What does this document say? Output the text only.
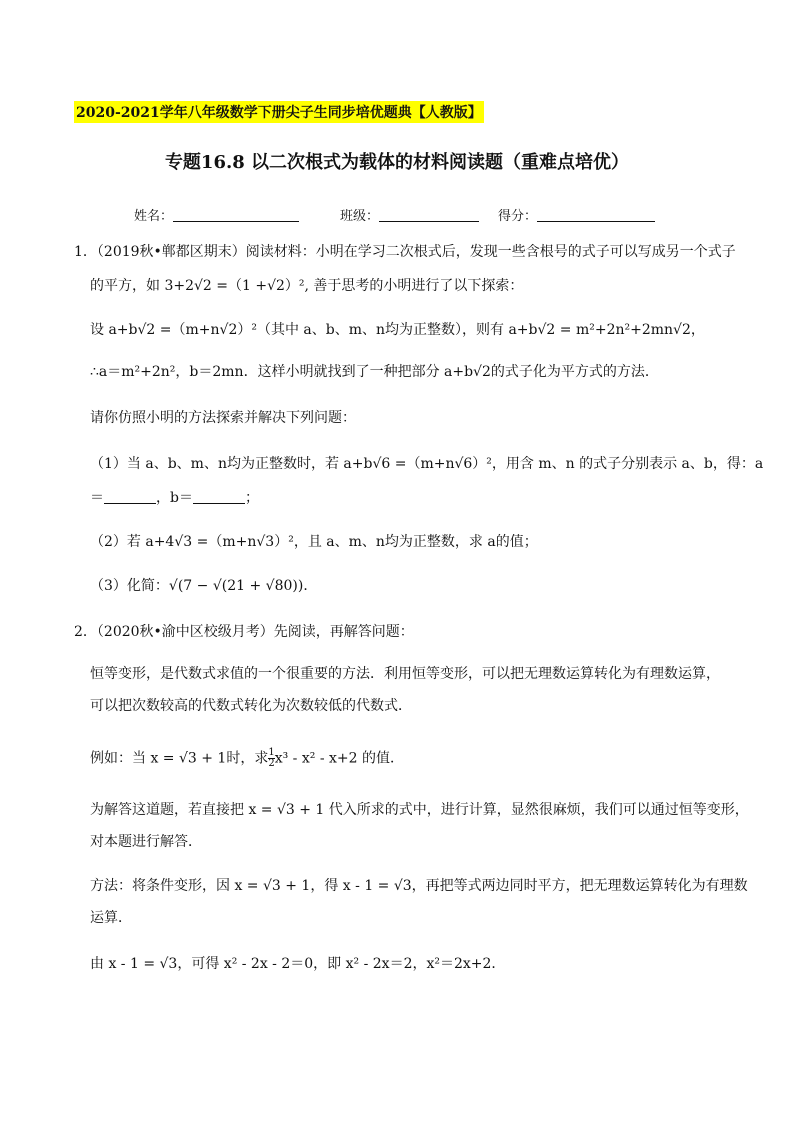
2020-2021学年八年级数学下册尖子生同步培优题典【人教版】
专题16.8 以二次根式为载体的材料阅读题（重难点培优）
姓名：	班级：	得分：
1．（2019秋•郸都区期末）阅读材料：小明在学习二次根式后，发现一些含根号的式子可以写成另一个式子
的平方，如 3+2√2 =（1 +√2）², 善于思考的小明进行了以下探索：
设 a+b√2 =（m+n√2）²（其中 a、b、m、n均为正整数），则有 a+b√2 = m²+2n²+2mn√2，
∴a＝m²+2n²，b＝2mn．这样小明就找到了一种把部分 a+b√2的式子化为平方式的方法．
请你仿照小明的方法探索并解决下列问题：
（1）当 a、b、m、n均为正整数时，若 a+b√6 =（m+n√6）²，用含 m、n 的式子分别表示 a、b，得：a
＝	，b＝	；
（2）若 a+4√3 =（m+n√3）²，且 a、m、n均为正整数，求 a的值；
（3）化简：√(7 − √(21 + √80))．
2．（2020秋•渝中区校级月考）先阅读，再解答问题：
恒等变形，是代数式求值的一个很重要的方法．利用恒等变形，可以把无理数运算转化为有理数运算，
可以把次数较高的代数式转化为次数较低的代数式．
例如：当 x = √3 + 1时，求 $\frac{1}{2} x^3 - x^2 - x+2$ 的值．
为解答这道题，若直接把 x = √3 + 1 代入所求的式中，进行计算，显然很麻烦，我们可以通过恒等变形，
对本题进行解答．
方法：将条件变形，因 x = √3 + 1，得 x - 1 = √3，再把等式两边同时平方，把无理数运算转化为有理数
运算．
由 x - 1 = √3，可得 x² - 2x - 2＝0，即 x² - 2x＝2，x²＝2x+2．
